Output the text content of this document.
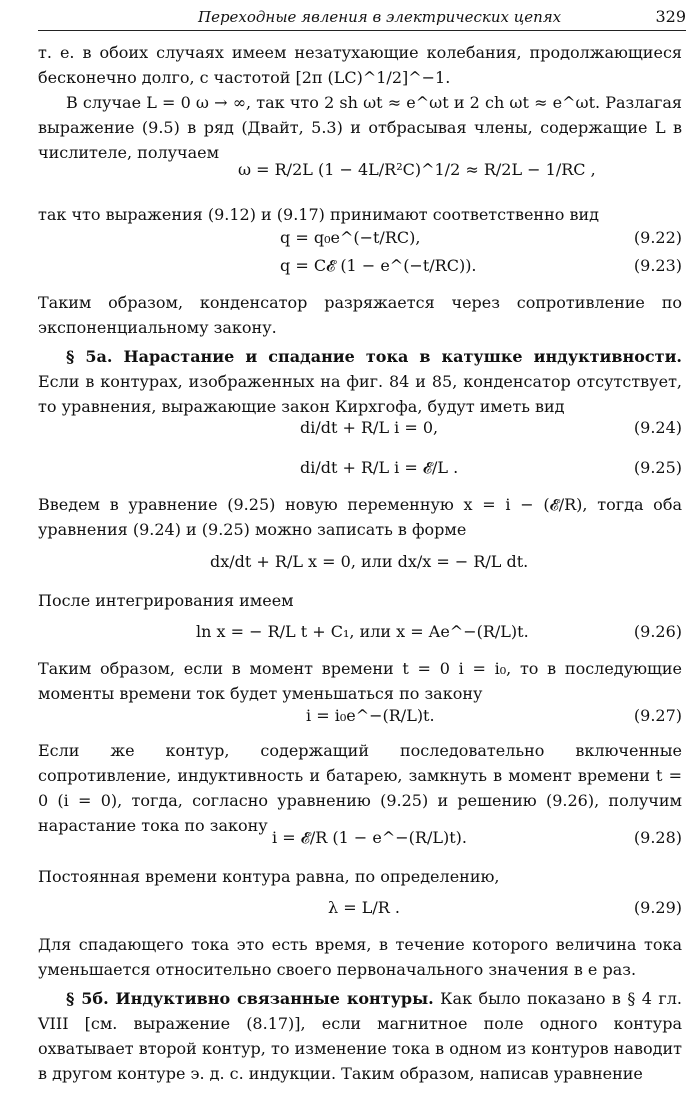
Переходные явления в электрических цепях	329
т. е. в обоих случаях имеем незатухающие колебания, продолжающиеся бесконечно долго, с частотой [2π (LC)^1/2]^−1.
В случае L = 0 ω → ∞, так что 2 sh ωt ≈ e^ωt и 2 ch ωt ≈ e^ωt. Разлагая выражение (9.5) в ряд (Двайт, 5.3) и отбрасывая члены, содержащие L в числителе, получаем
ω = R/2L (1 − 4L/R²C)^1/2 ≈ R/2L − 1/RC ,
так что выражения (9.12) и (9.17) принимают соответственно вид
q = q₀e^(−t/RC),	(9.22)
q = C𝓔 (1 − e^(−t/RC)).	(9.23)
Таким образом, конденсатор разряжается через сопротивление по экспоненциальному закону.
§ 5а. Нарастание и спадание тока в катушке индуктивности. Если в контурах, изображенных на фиг. 84 и 85, конденсатор отсутствует, то уравнения, выражающие закон Кирхгофа, будут иметь вид
di/dt + R/L i = 0,	(9.24)
di/dt + R/L i = 𝓔/L .	(9.25)
Введем в уравнение (9.25) новую переменную x = i − (𝓔/R), тогда оба уравнения (9.24) и (9.25) можно записать в форме
dx/dt + R/L x = 0, или dx/x = − R/L dt.
После интегрирования имеем
ln x = − R/L t + C₁, или x = Ae^−(R/L)t.	(9.26)
Таким образом, если в момент времени t = 0 i = i₀, то в последующие моменты времени ток будет уменьшаться по закону
i = i₀e^−(R/L)t.	(9.27)
Если же контур, содержащий последовательно включенные сопротивление, индуктивность и батарею, замкнуть в момент времени t = 0 (i = 0), тогда, согласно уравнению (9.25) и решению (9.26), получим нарастание тока по закону
i = 𝓔/R (1 − e^−(R/L)t).	(9.28)
Постоянная времени контура равна, по определению,
λ = L/R .	(9.29)
Для спадающего тока это есть время, в течение которого величина тока уменьшается относительно своего первоначального значения в e раз.
§ 5б. Индуктивно связанные контуры. Как было показано в § 4 гл. VIII [см. выражение (8.17)], если магнитное поле одного контура охватывает второй контур, то изменение тока в одном из контуров наводит в другом контуре э. д. с. индукции. Таким образом, написав уравнение
